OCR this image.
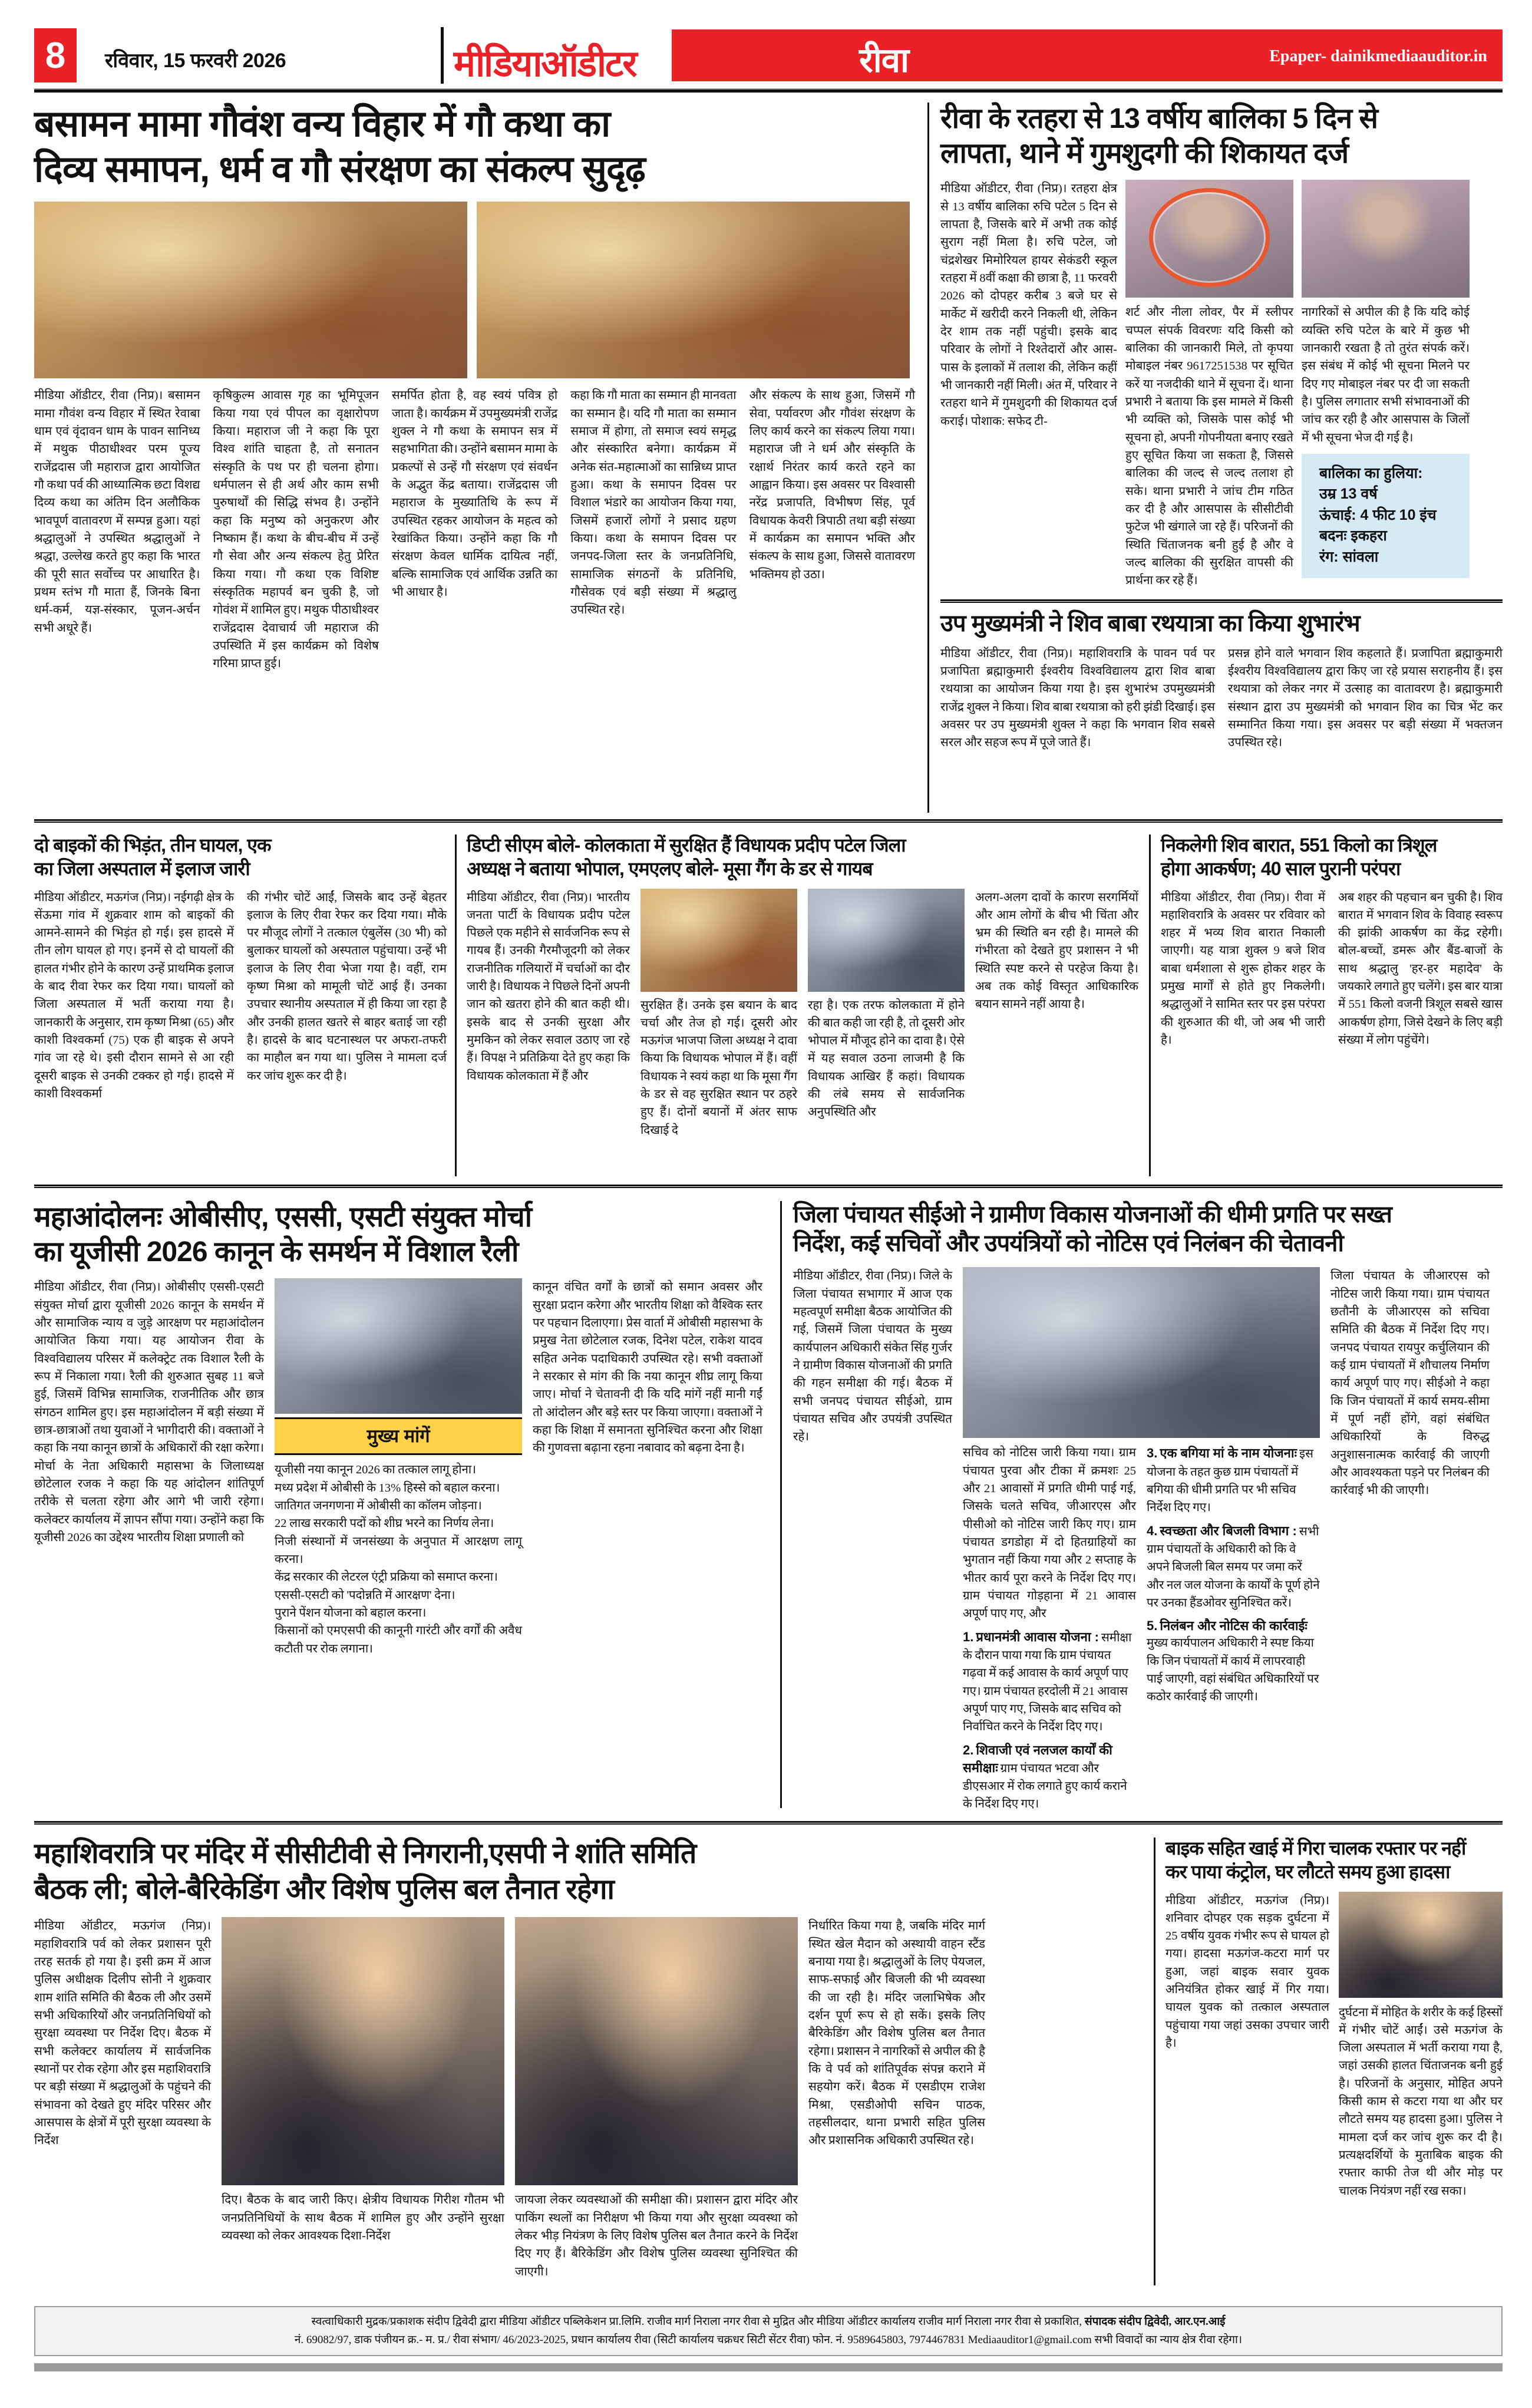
8	रविवार, 15 फरवरी 2026	मीडियाऑडीटर	रीवा	Epaper- dainikmediaauditor.in
बसामन मामा गौवंश वन्य विहार में गौ कथा का
दिव्य समापन, धर्म व गौ संरक्षण का संकल्प सुदृढ़
मीडिया ऑडीटर, रीवा (निप्र)। बसामन मामा गौवंश वन्य विहार में स्थित रेवाबा धाम एवं वृंदावन धाम के पावन सानिध्य में मथुक पीठाधीश्वर परम पूज्य राजेंद्रदास जी महाराज द्वारा आयोजित गौ कथा पर्व की आध्यात्मिक छटा विशद्य दिव्य कथा का अंतिम दिन अलौकिक भावपूर्ण वातावरण में सम्पन्न हुआ। यहां श्रद्धालुओं ने उपस्थित श्रद्धालुओं ने श्रद्धा, उल्लेख करते हुए कहा कि भारत की पूरी सात सर्वोच्च पर आधारित है। प्रथम स्तंभ गौ माता हैं, जिनके बिना धर्म-कर्म, यज्ञ-संस्कार, पूजन-अर्चन सभी अधूरे हैं।
कृषिकुल्म आवास गृह का भूमिपूजन किया गया एवं पीपल का वृक्षारोपण किया। महाराज जी ने कहा कि पूरा विश्व शांति चाहता है, तो सनातन संस्कृति के पथ पर ही चलना होगा। धर्मपालन से ही अर्थ और काम सभी पुरुषार्थों की सिद्धि संभव है। उन्होंने कहा कि मनुष्य को अनुकरण और निष्काम हैं। कथा के बीच-बीच में उन्हें गौ सेवा और अन्य संकल्प हेतु प्रेरित किया गया। गौ कथा एक विशिष्ट संस्कृतिक महापर्व बन चुकी है, जो गोवंश में शामिल हुए। मथुक पीठाधीश्वर राजेंद्रदास देवाचार्य जी महाराज की उपस्थिति में इस कार्यक्रम को विशेष गरिमा प्राप्त हुई।
समर्पित होता है, वह स्वयं पवित्र हो जाता है। कार्यक्रम में उपमुख्यमंत्री राजेंद्र शुक्ल ने गौ कथा के समापन सत्र में सहभागिता की। उन्होंने बसामन मामा के प्रकल्पों से उन्हें गौ संरक्षण एवं संवर्धन के अद्भुत केंद्र बताया। राजेंद्रदास जी महाराज के मुख्यातिथि के रूप में उपस्थित रहकर आयोजन के महत्व को रेखांकित किया। उन्होंने कहा कि गौ संरक्षण केवल धार्मिक दायित्व नहीं, बल्कि सामाजिक एवं आर्थिक उन्नति का भी आधार है।
कहा कि गौ माता का सम्मान ही मानवता का सम्मान है। यदि गौ माता का सम्मान समाज में होगा, तो समाज स्वयं समृद्ध और संस्कारित बनेगा। कार्यक्रम में अनेक संत-महात्माओं का सान्निध्य प्राप्त हुआ। कथा के समापन दिवस पर विशाल भंडारे का आयोजन किया गया, जिसमें हजारों लोगों ने प्रसाद ग्रहण किया। कथा के समापन दिवस पर जनपद-जिला स्तर के जनप्रतिनिधि, सामाजिक संगठनों के प्रतिनिधि, गौसेवक एवं बड़ी संख्या में श्रद्धालु उपस्थित रहे।
और संकल्प के साथ हुआ, जिसमें गौ सेवा, पर्यावरण और गौवंश संरक्षण के लिए कार्य करने का संकल्प लिया गया। महाराज जी ने धर्म और संस्कृति के रक्षार्थ निरंतर कार्य करते रहने का आह्वान किया। इस अवसर पर विश्वासी नरेंद्र प्रजापति, विभीषण सिंह, पूर्व विधायक केवरी त्रिपाठी तथा बड़ी संख्या में कार्यक्रम का समापन भक्ति और संकल्प के साथ हुआ, जिससे वातावरण भक्तिमय हो उठा।
रीवा के रतहरा से 13 वर्षीय बालिका 5 दिन से
लापता, थाने में गुमशुदगी की शिकायत दर्ज
मीडिया ऑडीटर, रीवा (निप्र)। रतहरा क्षेत्र से 13 वर्षीय बालिका रुचि पटेल 5 दिन से लापता है, जिसके बारे में अभी तक कोई सुराग नहीं मिला है। रुचि पटेल, जो चंद्रशेखर मिमोरियल हायर सेकंडरी स्कूल रतहरा में 8वीं कक्षा की छात्रा है, 11 फरवरी 2026 को दोपहर करीब 3 बजे घर से मार्केट में खरीदी करने निकली थी, लेकिन देर शाम तक नहीं पहुंची। इसके बाद परिवार के लोगों ने रिश्तेदारों और आस-पास के इलाकों में तलाश की, लेकिन कहीं भी जानकारी नहीं मिली। अंत में, परिवार ने रतहरा थाने में गुमशुदगी की शिकायत दर्ज कराई। पोशाक: सफेद टी-
शर्ट और नीला लोवर, पैर में स्लीपर चप्पल संपर्क विवरणः यदि किसी को बालिका की जानकारी मिले, तो कृपया मोबाइल नंबर 9617251538 पर सूचित करें या नजदीकी थाने में सूचना दें। थाना प्रभारी ने बताया कि इस मामले में किसी भी व्यक्ति को, जिसके पास कोई भी सूचना हो, अपनी गोपनीयता बनाए रखते हुए सूचित किया जा सकता है, जिससे बालिका की जल्द से जल्द तलाश हो सके। थाना प्रभारी ने जांच टीम गठित कर दी है और आसपास के सीसीटीवी फुटेज भी खंगाले जा रहे हैं। परिजनों की स्थिति चिंताजनक बनी हुई है और वे जल्द बालिका की सुरक्षित वापसी की प्रार्थना कर रहे हैं।
नागरिकों से अपील की है कि यदि कोई व्यक्ति रुचि पटेल के बारे में कुछ भी जानकारी रखता है तो तुरंत संपर्क करें। इस संबंध में कोई भी सूचना मिलने पर दिए गए मोबाइल नंबर पर दी जा सकती है। पुलिस लगातार सभी संभावनाओं की जांच कर रही है और आसपास के जिलों में भी सूचना भेज दी गई है।
बालिका का हुलिया:
उम्र 13 वर्ष
ऊंचाई: 4 फीट 10 इंच
बदनः इकहरा
रंग: सांवला
उप मुख्यमंत्री ने शिव बाबा रथयात्रा का किया शुभारंभ
मीडिया ऑडीटर, रीवा (निप्र)। महाशिवरात्रि के पावन पर्व पर प्रजापिता ब्रह्माकुमारी ईश्वरीय विश्वविद्यालय द्वारा शिव बाबा रथयात्रा का आयोजन किया गया है। इस शुभारंभ उपमुख्यमंत्री राजेंद्र शुक्ल ने किया। शिव बाबा रथयात्रा को हरी झंडी दिखाई। इस अवसर पर उप मुख्यमंत्री शुक्ल ने कहा कि भगवान शिव सबसे सरल और सहज रूप में पूजे जाते हैं।
प्रसन्न होने वाले भगवान शिव कहलाते हैं। प्रजापिता ब्रह्माकुमारी ईश्वरीय विश्वविद्यालय द्वारा किए जा रहे प्रयास सराहनीय हैं। इस रथयात्रा को लेकर नगर में उत्साह का वातावरण है। ब्रह्माकुमारी संस्थान द्वारा उप मुख्यमंत्री को भगवान शिव का चित्र भेंट कर सम्मानित किया गया। इस अवसर पर बड़ी संख्या में भक्तजन उपस्थित रहे।
दो बाइकों की भिड़ंत, तीन घायल, एक
का जिला अस्पताल में इलाज जारी
मीडिया ऑडीटर, मऊगंज (निप्र)। नईगढ़ी क्षेत्र के सेंऊमा गांव में शुक्रवार शाम को बाइकों की आमने-सामने की भिड़ंत हो गई। इस हादसे में तीन लोग घायल हो गए। इनमें से दो घायलों की हालत गंभीर होने के कारण उन्हें प्राथमिक इलाज के बाद रीवा रेफर कर दिया गया। घायलों को जिला अस्पताल में भर्ती कराया गया है। जानकारी के अनुसार, राम कृष्ण मिश्रा (65) और काशी विश्वकर्मा (75) एक ही बाइक से अपने गांव जा रहे थे। इसी दौरान सामने से आ रही दूसरी बाइक से उनकी टक्कर हो गई। हादसे में काशी विश्वकर्मा
की गंभीर चोटें आईं, जिसके बाद उन्हें बेहतर इलाज के लिए रीवा रेफर कर दिया गया। मौके पर मौजूद लोगों ने तत्काल एंबुलेंस (30 भी) को बुलाकर घायलों को अस्पताल पहुंचाया। उन्हें भी इलाज के लिए रीवा भेजा गया है। वहीं, राम कृष्ण मिश्रा को मामूली चोटें आई हैं। उनका उपचार स्थानीय अस्पताल में ही किया जा रहा है और उनकी हालत खतरे से बाहर बताई जा रही है। हादसे के बाद घटनास्थल पर अफरा-तफरी का माहौल बन गया था। पुलिस ने मामला दर्ज कर जांच शुरू कर दी है।
डिप्टी सीएम बोले- कोलकाता में सुरक्षित हैं विधायक प्रदीप पटेल जिला
अध्यक्ष ने बताया भोपाल, एमएलए बोले- मूसा गैंग के डर से गायब
मीडिया ऑडीटर, रीवा (निप्र)। भारतीय जनता पार्टी के विधायक प्रदीप पटेल पिछले एक महीने से सार्वजनिक रूप से गायब हैं। उनकी गैरमौजूदगी को लेकर राजनीतिक गलियारों में चर्चाओं का दौर जारी है। विधायक ने पिछले दिनों अपनी जान को खतरा होने की बात कही थी। इसके बाद से उनकी सुरक्षा और मुमकिन को लेकर सवाल उठाए जा रहे हैं। विपक्ष ने प्रतिक्रिया देते हुए कहा कि विधायक कोलकाता में हैं और
सुरक्षित हैं। उनके इस बयान के बाद चर्चा और तेज हो गई। दूसरी ओर मऊगंज भाजपा जिला अध्यक्ष ने दावा किया कि विधायक भोपाल में हैं। वहीं विधायक ने स्वयं कहा था कि मूसा गैंग के डर से वह सुरक्षित स्थान पर ठहरे हुए हैं। दोनों बयानों में अंतर साफ दिखाई दे
रहा है। एक तरफ कोलकाता में होने की बात कही जा रही है, तो दूसरी ओर भोपाल में मौजूद होने का दावा है। ऐसे में यह सवाल उठना लाजमी है कि विधायक आखिर हैं कहां। विधायक की लंबे समय से सार्वजनिक अनुपस्थिति और
अलग-अलग दावों के कारण सरगर्मियों और आम लोगों के बीच भी चिंता और भ्रम की स्थिति बन रही है। मामले की गंभीरता को देखते हुए प्रशासन ने भी स्थिति स्पष्ट करने से परहेज किया है। अब तक कोई विस्तृत आधिकारिक बयान सामने नहीं आया है।
निकलेगी शिव बारात, 551 किलो का त्रिशूल
होगा आकर्षण; 40 साल पुरानी परंपरा
मीडिया ऑडीटर, रीवा (निप्र)। रीवा में महाशिवरात्रि के अवसर पर रविवार को शहर में भव्य शिव बारात निकाली जाएगी। यह यात्रा शुक्ल 9 बजे शिव बाबा धर्मशाला से शुरू होकर शहर के प्रमुख मार्गों से होते हुए निकलेगी। श्रद्धालुओं ने सामित स्तर पर इस परंपरा की शुरुआत की थी, जो अब भी जारी है।
अब शहर की पहचान बन चुकी है। शिव बारात में भगवान शिव के विवाह स्वरूप की झांकी आकर्षण का केंद्र रहेगी। बोल-बच्चों, डमरू और बैंड-बाजों के साथ श्रद्धालु 'हर-हर महादेव' के जयकारे लगाते हुए चलेंगे। इस बार यात्रा में 551 किलो वजनी त्रिशूल सबसे खास आकर्षण होगा, जिसे देखने के लिए बड़ी संख्या में लोग पहुंचेंगे।
महाआंदोलनः ओबीसीए, एससी, एसटी संयुक्त मोर्चा
का यूजीसी 2026 कानून के समर्थन में विशाल रैली
मीडिया ऑडीटर, रीवा (निप्र)। ओबीसीए एससी-एसटी संयुक्त मोर्चा द्वारा यूजीसी 2026 कानून के समर्थन में और सामाजिक न्याय व जुड़े आरक्षण पर महाआंदोलन आयोजित किया गया। यह आयोजन रीवा के विश्वविद्यालय परिसर में कलेक्ट्रेट तक विशाल रैली के रूप में निकाला गया। रैली की शुरुआत सुबह 11 बजे हुई, जिसमें विभिन्न सामाजिक, राजनीतिक और छात्र संगठन शामिल हुए। इस महाआंदोलन में बड़ी संख्या में छात्र-छात्राओं तथा युवाओं ने भागीदारी की। वक्ताओं ने कहा कि नया कानून छात्रों के अधिकारों की रक्षा करेगा। मोर्चा के नेता अधिकारी महासभा के जिलाध्यक्ष छोटेलाल रजक ने कहा कि यह आंदोलन शांतिपूर्ण तरीके से चलता रहेगा और आगे भी जारी रहेगा। कलेक्टर कार्यालय में ज्ञापन सौंपा गया। उन्होंने कहा कि यूजीसी 2026 का उद्देश्य भारतीय शिक्षा प्रणाली को
मुख्य मांगें
यूजीसी नया कानून 2026 का तत्काल लागू होना।
मध्य प्रदेश में ओबीसी के 13% हिस्से को बहाल करना।
जातिगत जनगणना में ओबीसी का कॉलम जोड़ना।
22 लाख सरकारी पदों को शीघ्र भरने का निर्णय लेना।
निजी संस्थानों में जनसंख्या के अनुपात में आरक्षण लागू करना।
केंद्र सरकार की लेटरल एंट्री प्रक्रिया को समाप्त करना।
एससी-एसटी को 'पदोन्नति में आरक्षण' देना।
पुराने पेंशन योजना को बहाल करना।
किसानों को एमएसपी की कानूनी गारंटी और वर्गों की अवैध कटौती पर रोक लगाना।
कानून वंचित वर्गों के छात्रों को समान अवसर और सुरक्षा प्रदान करेगा और भारतीय शिक्षा को वैश्विक स्तर पर पहचान दिलाएगा। प्रेस वार्ता में ओबीसी महासभा के प्रमुख नेता छोटेलाल रजक, दिनेश पटेल, राकेश यादव सहित अनेक पदाधिकारी उपस्थित रहे। सभी वक्ताओं ने सरकार से मांग की कि नया कानून शीघ्र लागू किया जाए। मोर्चा ने चेतावनी दी कि यदि मांगें नहीं मानी गईं तो आंदोलन और बड़े स्तर पर किया जाएगा। वक्ताओं ने कहा कि शिक्षा में समानता सुनिश्चित करना और शिक्षा की गुणवत्ता बढ़ाना रहना नबावाद को बढ़ना देना है।
जिला पंचायत सीईओ ने ग्रामीण विकास योजनाओं की धीमी प्रगति पर सख्त
निर्देश, कई सचिवों और उपयंत्रियों को नोटिस एवं निलंबन की चेतावनी
मीडिया ऑडीटर, रीवा (निप्र)। जिले के जिला पंचायत सभागार में आज एक महत्वपूर्ण समीक्षा बैठक आयोजित की गई, जिसमें जिला पंचायत के मुख्य कार्यपालन अधिकारी संकेत सिंह गुर्जर ने ग्रामीण विकास योजनाओं की प्रगति की गहन समीक्षा की गई। बैठक में सभी जनपद पंचायत सीईओ, ग्राम पंचायत सचिव और उपयंत्री उपस्थित रहे।
सचिव को नोटिस जारी किया गया। ग्राम पंचायत पुरवा और टीका में क्रमशः 25 और 21 आवासों में प्रगति धीमी पाई गई, जिसके चलते सचिव, जीआरएस और पीसीओ को नोटिस जारी किए गए। ग्राम पंचायत डगडोहा में दो हितग्राहियों का भुगतान नहीं किया गया और 2 सप्ताह के भीतर कार्य पूरा करने के निर्देश दिए गए। ग्राम पंचायत गोड़हाना में 21 आवास अपूर्ण पाए गए, और
1. प्रधानमंत्री आवास योजना : समीक्षा के दौरान पाया गया कि ग्राम पंचायत गढ़वा में कई आवास के कार्य अपूर्ण पाए गए। ग्राम पंचायत हरदोली में 21 आवास अपूर्ण पाए गए, जिसके बाद सचिव को निर्वाचित करने के निर्देश दिए गए।
2. शिवाजी एवं नलजल कार्यों की समीक्षाः ग्राम पंचायत भटवा और डीएसआर में रोक लगाते हुए कार्य कराने के निर्देश दिए गए।
3. एक बगिया मां के नाम योजनाः इस योजना के तहत कुछ ग्राम पंचायतों में बगिया की धीमी प्रगति पर भी सचिव निर्देश दिए गए।
4. स्वच्छता और बिजली विभाग : सभी ग्राम पंचायतों के अधिकारी को कि वे अपने बिजली बिल समय पर जमा करें और नल जल योजना के कार्यों के पूर्ण होने पर उनका हैंडओवर सुनिश्चित करें।
5. निलंबन और नोटिस की कार्रवाईः मुख्य कार्यपालन अधिकारी ने स्पष्ट किया कि जिन पंचायतों में कार्य में लापरवाही पाई जाएगी, वहां संबंधित अधिकारियों पर कठोर कार्रवाई की जाएगी।
जिला पंचायत के जीआरएस को नोटिस जारी किया गया। ग्राम पंचायत छतौनी के जीआरएस को सचिवा समिति की बैठक में निर्देश दिए गए। जनपद पंचायत रायपुर कर्चुलियान की कई ग्राम पंचायतों में शौचालय निर्माण कार्य अपूर्ण पाए गए। सीईओ ने कहा कि जिन पंचायतों में कार्य समय-सीमा में पूर्ण नहीं होंगे, वहां संबंधित अधिकारियों के विरुद्ध अनुशासनात्मक कार्रवाई की जाएगी और आवश्यकता पड़ने पर निलंबन की कार्रवाई भी की जाएगी।
महाशिवरात्रि पर मंदिर में सीसीटीवी से निगरानी,एसपी ने शांति समिति
बैठक ली; बोले-बैरिकेडिंग और विशेष पुलिस बल तैनात रहेगा
मीडिया ऑडीटर, मऊगंज (निप्र)। महाशिवरात्रि पर्व को लेकर प्रशासन पूरी तरह सतर्क हो गया है। इसी क्रम में आज पुलिस अधीक्षक दिलीप सोनी ने शुक्रवार शाम शांति समिति की बैठक ली और उसमें सभी अधिकारियों और जनप्रतिनिधियों को सुरक्षा व्यवस्था पर निर्देश दिए। बैठक में सभी कलेक्टर कार्यालय में सार्वजनिक स्थानों पर रोक रहेगा और इस महाशिवरात्रि पर बड़ी संख्या में श्रद्धालुओं के पहुंचने की संभावना को देखते हुए मंदिर परिसर और आसपास के क्षेत्रों में पूरी सुरक्षा व्यवस्था के निर्देश
दिए। बैठक के बाद जारी किए। क्षेत्रीय विधायक गिरीश गौतम भी जनप्रतिनिधियों के साथ बैठक में शामिल हुए और उन्होंने सुरक्षा व्यवस्था को लेकर आवश्यक दिशा-निर्देश
जायजा लेकर व्यवस्थाओं की समीक्षा की। प्रशासन द्वारा मंदिर और पाकिंग स्थलों का निरीक्षण भी किया गया और सुरक्षा व्यवस्था को लेकर भीड़ नियंत्रण के लिए विशेष पुलिस बल तैनात करने के निर्देश दिए गए हैं। बैरिकेडिंग और विशेष पुलिस व्यवस्था सुनिश्चित की जाएगी।
निर्धारित किया गया है, जबकि मंदिर मार्ग स्थित खेल मैदान को अस्थायी वाहन स्टैंड बनाया गया है। श्रद्धालुओं के लिए पेयजल, साफ-सफाई और बिजली की भी व्यवस्था की जा रही है। मंदिर जलाभिषेक और दर्शन पूर्ण रूप से हो सकें। इसके लिए बैरिकेडिंग और विशेष पुलिस बल तैनात रहेगा। प्रशासन ने नागरिकों से अपील की है कि वे पर्व को शांतिपूर्वक संपन्न कराने में सहयोग करें। बैठक में एसडीएम राजेश मिश्रा, एसडीओपी सचिन पाठक, तहसीलदार, थाना प्रभारी सहित पुलिस और प्रशासनिक अधिकारी उपस्थित रहे।
बाइक सहित खाई में गिरा चालक रफ्तार पर नहीं
कर पाया कंट्रोल, घर लौटते समय हुआ हादसा
मीडिया ऑडीटर, मऊगंज (निप्र)। शनिवार दोपहर एक सड़क दुर्घटना में 25 वर्षीय युवक गंभीर रूप से घायल हो गया। हादसा मऊगंज-कटरा मार्ग पर हुआ, जहां बाइक सवार युवक अनियंत्रित होकर खाई में गिर गया। घायल युवक को तत्काल अस्पताल पहुंचाया गया जहां उसका उपचार जारी है।
दुर्घटना में मोहित के शरीर के कई हिस्सों में गंभीर चोटें आईं। उसे मऊगंज के जिला अस्पताल में भर्ती कराया गया है, जहां उसकी हालत चिंताजनक बनी हुई है। परिजनों के अनुसार, मोहित अपने किसी काम से कटरा गया था और घर लौटते समय यह हादसा हुआ। पुलिस ने मामला दर्ज कर जांच शुरू कर दी है। प्रत्यक्षदर्शियों के मुताबिक बाइक की रफ्तार काफी तेज थी और मोड़ पर चालक नियंत्रण नहीं रख सका।
स्वत्वाधिकारी मुद्रक/प्रकाशक संदीप द्विवेदी द्वारा मीडिया ऑडीटर पब्लिकेशन प्रा.लिमि. राजीव मार्ग निराला नगर रीवा से मुद्रित और मीडिया ऑडीटर कार्यालय राजीव मार्ग निराला नगर रीवा से प्रकाशित, संपादक संदीप द्विवेदी, आर.एन.आई
नं. 69082/97, डाक पंजीयन क्र.- म. प्र./ रीवा संभाग/ 46/2023-2025, प्रधान कार्यालय रीवा (सिटी कार्यालय चक्रधर सिटी सेंटर रीवा) फोन. नं. 9589645803, 7974467831 Mediaauditor1@gmail.com सभी विवादों का न्याय क्षेत्र रीवा रहेगा।
